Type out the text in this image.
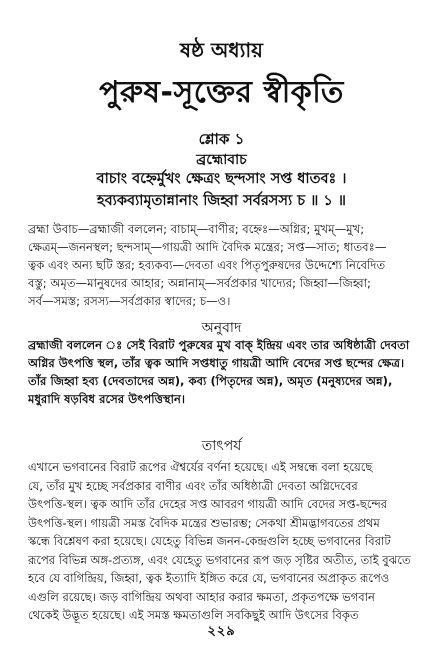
ষষ্ঠ অধ্যায়
পুরুষ-সূক্তের স্বীকৃতি
শ্লোক ১
ব্রহ্মোবাচ
বাচাং বহ্নের্মুখং ক্ষেত্রং ছন্দসাং সপ্ত ধাতবঃ ।
হব্যকব্যামৃতান্নানাং জিহ্বা সর্বরসস্য চ ॥ ১ ॥
ব্রহ্মা উবাচ—ব্রহ্মাজী বললেন; বাচাম্—বাণীর; বহ্নেঃ—অগ্নির; মুখম্—মুখ;
ক্ষেত্রম্—জননস্থল; ছন্দসাম্—গায়ত্রী আদি বৈদিক মন্ত্রের; সপ্ত—সাত; ধাতবঃ—
ত্বক এবং অন্য ছটি স্তর; হব্যকব্য—দেবতা এবং পিতৃপুরুষদের উদ্দেশ্যে নিবেদিত
বস্তু; অমৃত—মানুষদের আহার; অন্নানাম্—সর্বপ্রকার খাদ্যের; জিহ্বা—জিহ্বা;
সর্ব—সমস্ত; রসস্য—সর্বপ্রকার স্বাদের; চ—ও।
অনুবাদ
ব্রহ্মাজী বললেন ঃ সেই বিরাট পুরুষের মুখ বাক্ ইন্দ্রিয় এবং তার অধিষ্ঠাত্রী দেবতা
অগ্নির উৎপত্তি স্থল, তাঁর ত্বক আদি সপ্তধাতু গায়ত্রী আদি বেদের সপ্ত ছন্দের ক্ষেত্র।
তাঁর জিহ্বা হব্য (দেবতাদের অন্ন), কব্য (পিতৃদের অন্ন), অমৃত (মনুষ্যদের অন্ন),
মধুরাদি ষড়বিধ রসের উৎপত্তিস্থান।
তাৎপর্য
এখানে ভগবানের বিরাট রূপের ঐশ্বর্যের বর্ণনা হয়েছে। এই সম্বন্ধে বলা হয়েছে
যে, তাঁর মুখ হচ্ছে সর্বপ্রকার বাণীর এবং তাঁর অধিষ্ঠাত্রী দেবতা অগ্নিদেবের
উৎপত্তি-স্থল। ত্বক আদি তাঁর দেহের সপ্ত আবরণ গায়ত্রী আদি বেদের সপ্ত-ছন্দের
উৎপত্তি-স্থল। গায়ত্রী সমস্ত বৈদিক মন্ত্রের শুভারম্ভ; সেকথা শ্রীমদ্ভাগবতের প্রথম
স্কন্ধে বিশ্লেষণ করা হয়েছে। যেহেতু বিভিন্ন জনন-কেন্দ্রগুলি হচ্ছে ভগবানের বিরাট
রূপের বিভিন্ন অঙ্গ-প্রত্যঙ্গ, এবং যেহেতু ভগবানের রূপ জড় সৃষ্টির অতীত, তাই বুঝতে
হবে যে বাগিন্দ্রিয়, জিহ্বা, ত্বক ইত্যাদি ইঙ্গিত করে যে, ভগবানের অপ্রাকৃত রূপেও
এগুলি রয়েছে। জড় বাগিন্দ্রিয় অথবা আহার করার ক্ষমতা, প্রকৃতপক্ষে ভগবান
থেকেই উদ্ভূত হয়েছে। এই সমস্ত ক্ষমতাগুলি সবকিছুই আদি উৎসের বিকৃত
২২৯
